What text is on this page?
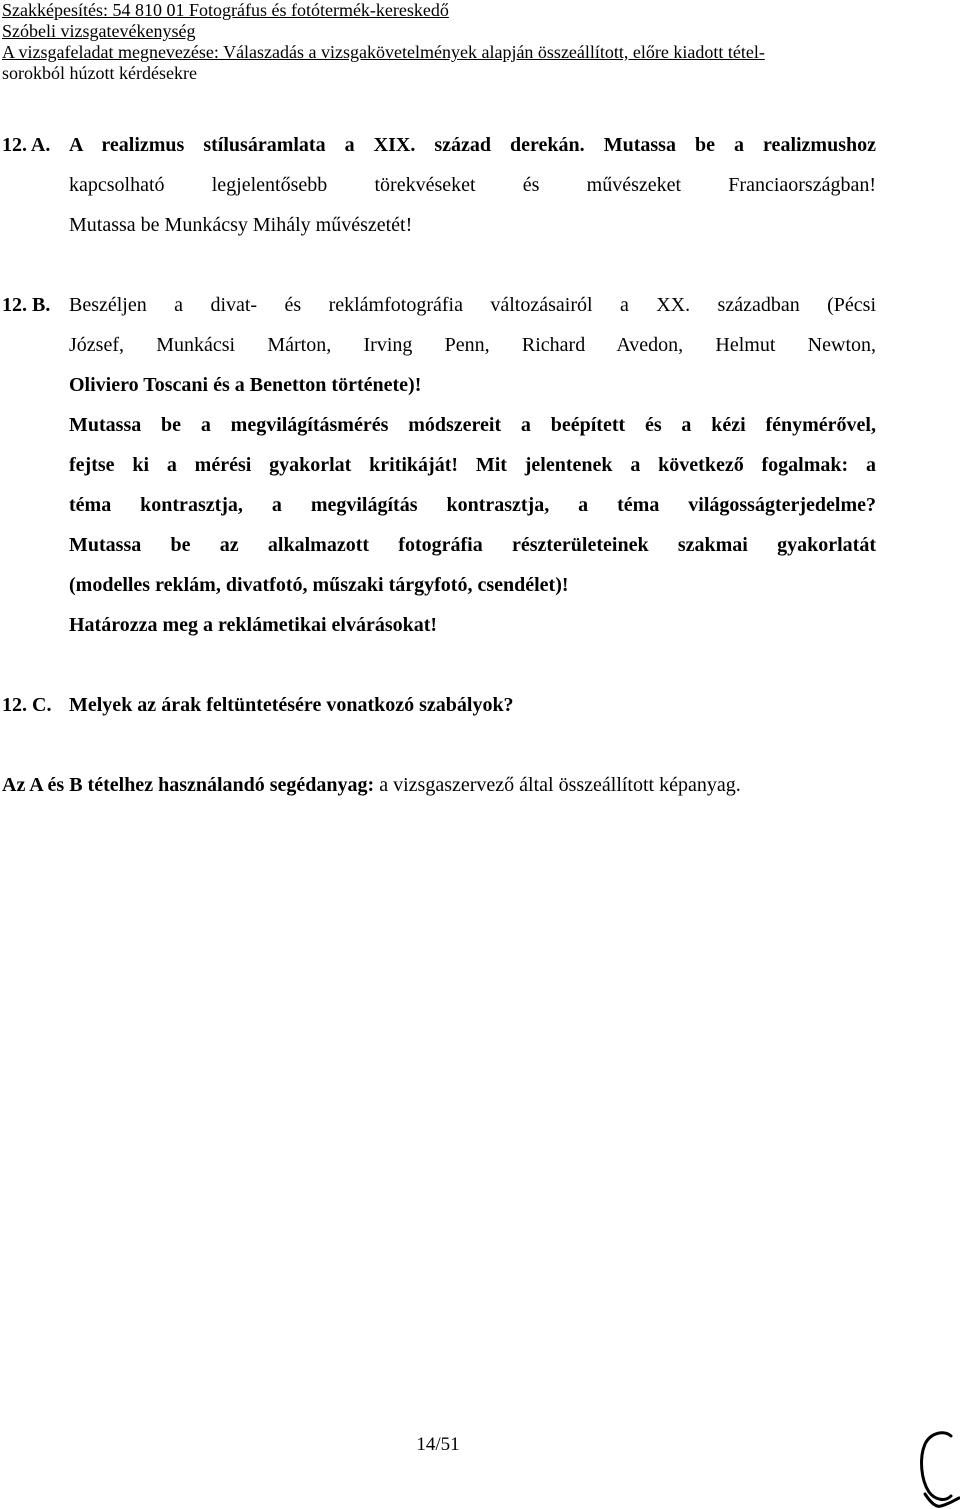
Szakképesítés: 54 810 01 Fotográfus és fotótermék-kereskedő
Szóbeli vizsgatevékenység
A vizsgafeladat megnevezése: Válaszadás a vizsgakövetelmények alapján összeállított, előre kiadott tétel-
sorokból húzott kérdésekre
12. A. A realizmus stílusáramlata a XIX. század derekán. Mutassa be a realizmushoz
kapcsolható legjelentősebb törekvéseket és művészeket Franciaországban!
Mutassa be Munkácsy Mihály művészetét!
12. B. Beszéljen a divat- és reklámfotográfia változásairól a XX. században (Pécsi
József, Munkácsi Márton, Irving Penn, Richard Avedon, Helmut Newton,
Oliviero Toscani és a Benetton története)!
Mutassa be a megvilágításmérés módszereit a beépített és a kézi fénymérővel,
fejtse ki a mérési gyakorlat kritikáját! Mit jelentenek a következő fogalmak: a
téma kontrasztja, a megvilágítás kontrasztja, a téma világosságterjedelme?
Mutassa be az alkalmazott fotográfia részterületeinek szakmai gyakorlatát
(modelles reklám, divatfotó, műszaki tárgyfotó, csendélet)!
Határozza meg a reklámetikai elvárásokat!
12. C. Melyek az árak feltüntetésére vonatkozó szabályok?
Az A és B tételhez használandó segédanyag: a vizsgaszervező által összeállított képanyag.
14/51
